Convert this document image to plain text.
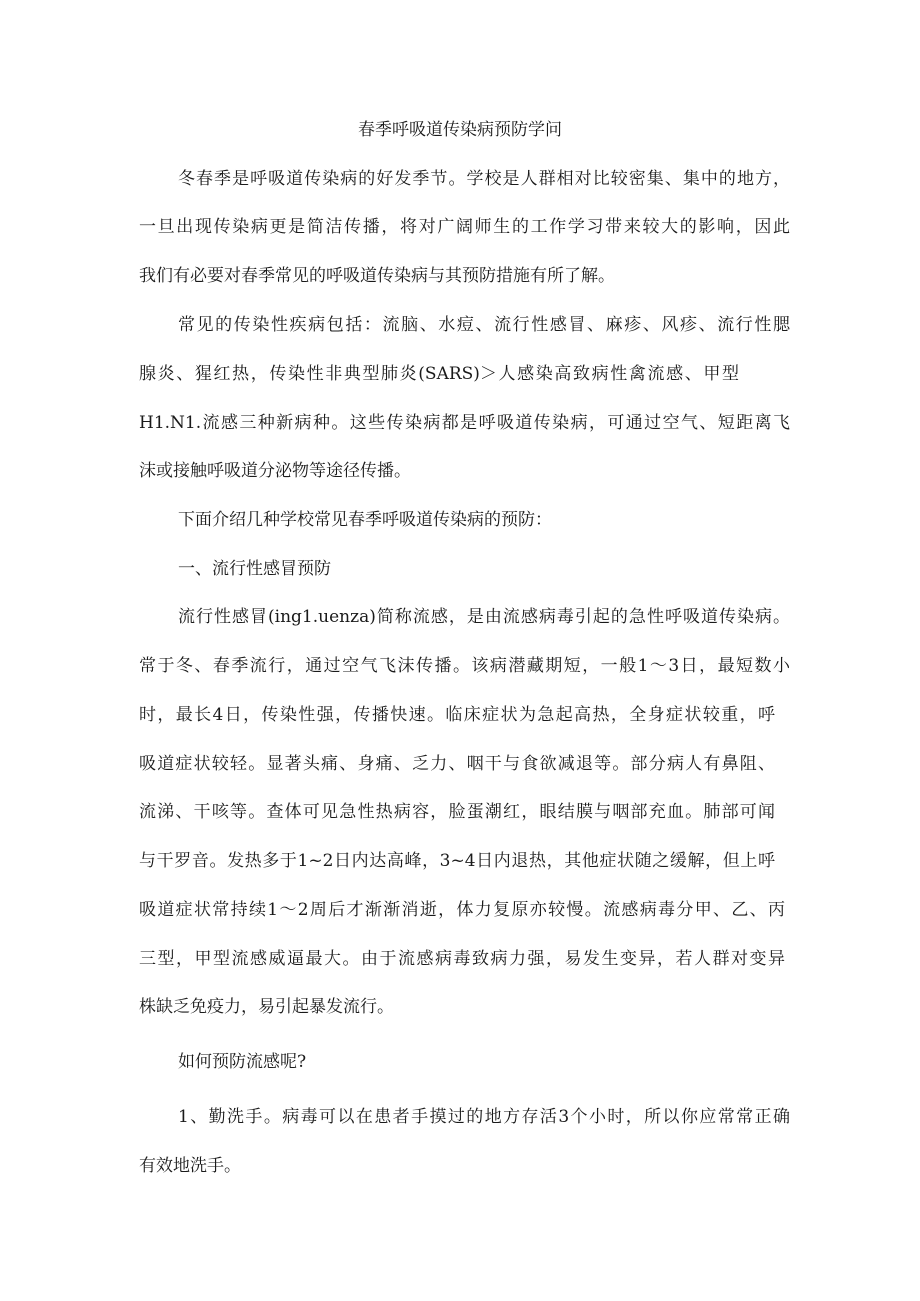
春季呼吸道传染病预防学问
冬春季是呼吸道传染病的好发季节。学校是人群相对比较密集、集中的地方，
一旦出现传染病更是简洁传播，将对广阔师生的工作学习带来较大的影响，因此
我们有必要对春季常见的呼吸道传染病与其预防措施有所了解。
常见的传染性疾病包括：流脑、水痘、流行性感冒、麻疹、风疹、流行性腮
腺炎、猩红热，传染性非典型肺炎(SARS)＞人感染高致病性禽流感、甲型
H1.N1.流感三种新病种。这些传染病都是呼吸道传染病，可通过空气、短距离飞
沫或接触呼吸道分泌物等途径传播。
下面介绍几种学校常见春季呼吸道传染病的预防：
一、流行性感冒预防
流行性感冒(ing1.uenza)简称流感，是由流感病毒引起的急性呼吸道传染病。
常于冬、春季流行，通过空气飞沫传播。该病潜藏期短，一般1〜3日，最短数小
时，最长4日，传染性强，传播快速。临床症状为急起高热，全身症状较重，呼
吸道症状较轻。显著头痛、身痛、乏力、咽干与食欲减退等。部分病人有鼻阻、
流涕、干咳等。查体可见急性热病容，脸蛋潮红，眼结膜与咽部充血。肺部可闻
与干罗音。发热多于1~2日内达高峰，3~4日内退热，其他症状随之缓解，但上呼
吸道症状常持续1〜2周后才渐渐消逝，体力复原亦较慢。流感病毒分甲、乙、丙
三型，甲型流感威逼最大。由于流感病毒致病力强，易发生变异，若人群对变异
株缺乏免疫力，易引起暴发流行。
如何预防流感呢?
1、勤洗手。病毒可以在患者手摸过的地方存活3个小时，所以你应常常正确
有效地洗手。
